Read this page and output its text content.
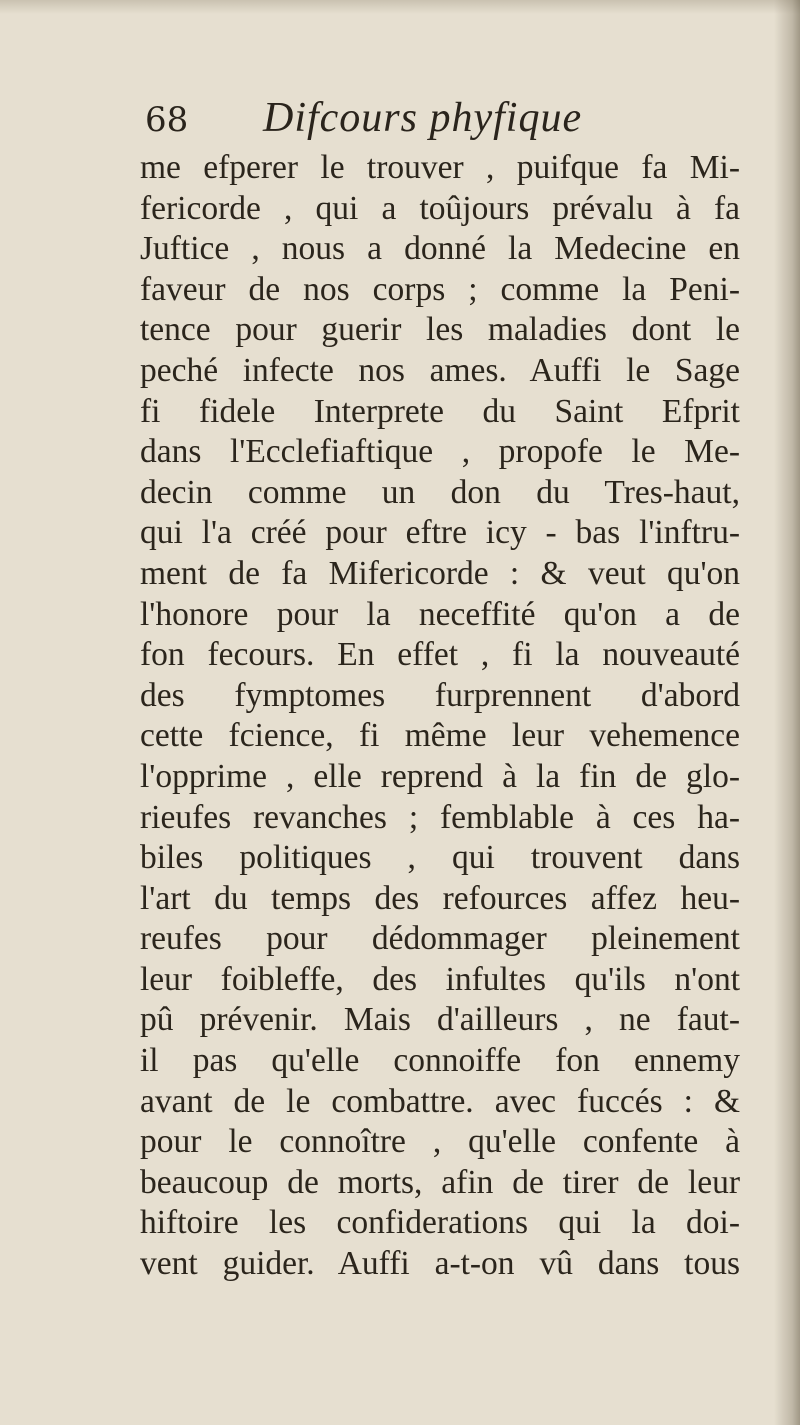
68 Difcours phyfique
me efperer le trouver , puifque fa Mi-
fericorde , qui a toûjours prévalu à fa
Juftice , nous a donné la Medecine en
faveur de nos corps ; comme la Peni-
tence pour guerir les maladies dont le
peché infecte nos ames. Auffi le Sage
fi fidele Interprete du Saint Efprit
dans l'Ecclefiaftique , propofe le Me-
decin comme un don du Tres-haut,
qui l'a créé pour eftre icy - bas l'inftru-
ment de fa Mifericorde : & veut qu'on
l'honore pour la neceffité qu'on a de
fon fecours. En effet , fi la nouveauté
des fymptomes furprennent d'abord
cette fcience, fi même leur vehemence
l'opprime , elle reprend à la fin de glo-
rieufes revanches ; femblable à ces ha-
biles politiques , qui trouvent dans
l'art du temps des refources affez heu-
reufes pour dédommager pleinement
leur foibleffe, des infultes qu'ils n'ont
pû prévenir. Mais d'ailleurs , ne faut-
il pas qu'elle connoiffe fon ennemy
avant de le combattre. avec fuccés : &
pour le connoître , qu'elle confente à
beaucoup de morts, afin de tirer de leur
hiftoire les confiderations qui la doi-
vent guider. Auffi a-t-on vû dans tous
